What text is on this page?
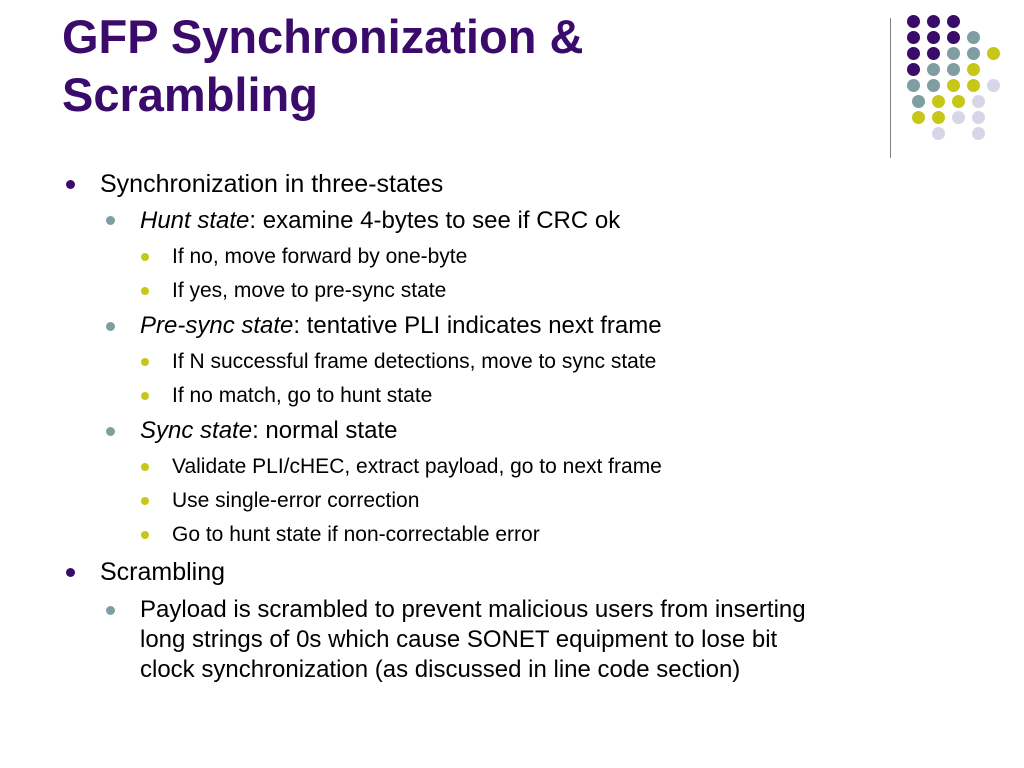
GFP Synchronization &
Scrambling
Synchronization in three-states
Hunt state: examine 4-bytes to see if CRC ok
If no, move forward by one-byte
If yes, move to pre-sync state
Pre-sync state: tentative PLI indicates next frame
If N successful frame detections, move to sync state
If no match, go to hunt state
Sync state: normal state
Validate PLI/cHEC, extract payload, go to next frame
Use single-error correction
Go to hunt state if non-correctable error
Scrambling
Payload is scrambled to prevent malicious users from inserting
long strings of 0s which cause SONET equipment to lose bit
clock synchronization (as discussed in line code section)
